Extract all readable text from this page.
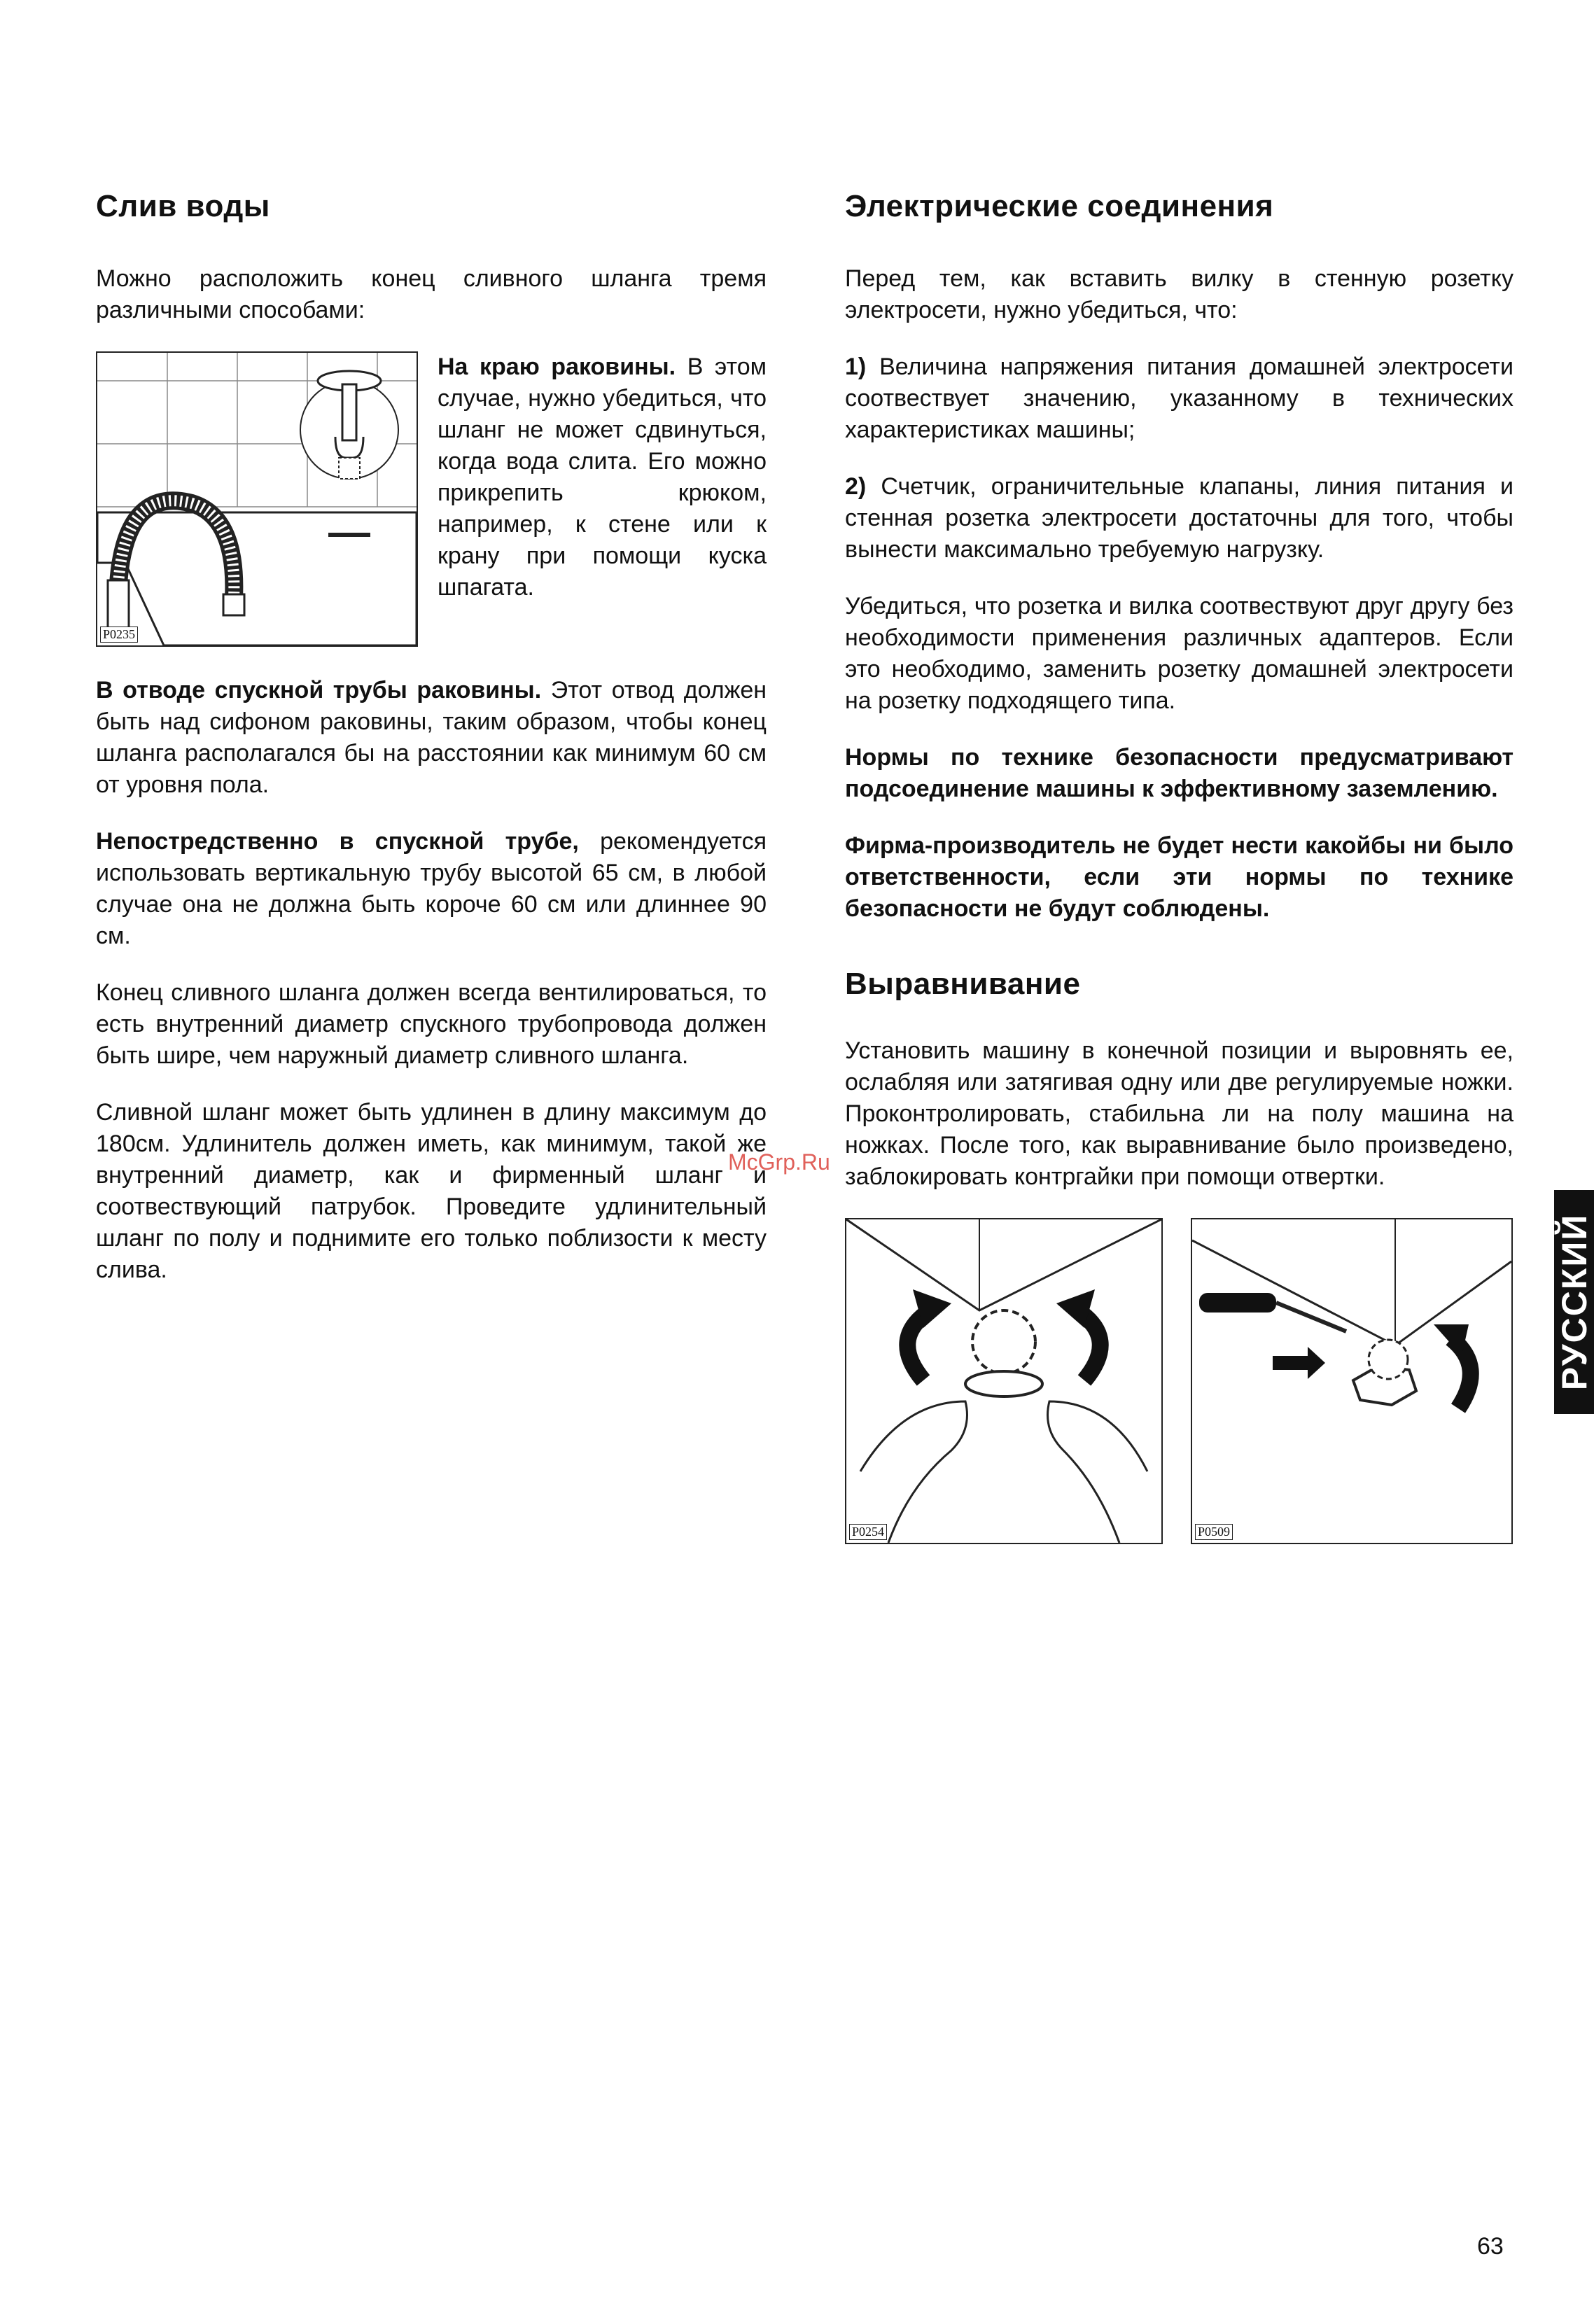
Слив воды

Можно расположить конец сливного шланга тремя различными способами:

P0235

На краю раковины. В этом случае, нужно убедиться, что шланг не может сдвинуться, когда вода слита. Его можно прикрепить крюком, например, к стене или к крану при помощи куска шпагата.

В отводе спускной трубы раковины. Этот отвод должен быть над сифоном раковины, таким образом, чтобы конец шланга располагался бы на расстоянии как минимум 60 см от уровня пола.

Непостредственно в спускной трубе, рекомендуется использовать вертикальную трубу высотой 65 см, в любой случае она не должна быть короче 60 см или длиннее 90 см.

Конец сливного шланга должен всегда вентилироваться, то есть внутренний диаметр спускного трубопровода должен быть шире, чем наружный диаметр сливного шланга.

Сливной шланг может быть удлинен в длину максимум до 180см. Удлинитель должен иметь, как минимум, такой же внутренний диаметр, как и фирменный шланг и соотвествующий патрубок. Проведите удлинительный шланг по полу и поднимите его только поблизости к месту слива.

Электрические соединения

Перед тем, как вставить вилку в стенную розетку электросети, нужно убедиться, что:

1) Величина напряжения питания домашней электросети соотвествует значению, указанному в технических характеристиках машины;

2) Счетчик, ограничительные клапаны, линия питания и стенная розетка электросети достаточны для того, чтобы вынести максимально требуемую нагрузку.

Убедиться, что розетка и вилка соотвествуют друг другу без необходимости применения различных адаптеров. Если это необходимо, заменить розетку домашней электросети на розетку подходящего типа.

Нормы по технике безопасности предусматривают подсоединение машины к эффективному заземлению.

Фирма-производитель не будет нести какойбы ни было ответственности, если эти нормы по технике безопасности не будут соблюдены.

Выравнивание

Установить машину в конечной позиции и выровнять ее, ослабляя или затягивая одну или две регулируемые ножки. Проконтролировать, стабильна ли на полу машина на ножках. После того, как выравнивание было произведено, заблокировать контргайки при помощи отвертки.

P0254	P0509
McGrp.Ru
РУССКИЙ
63
